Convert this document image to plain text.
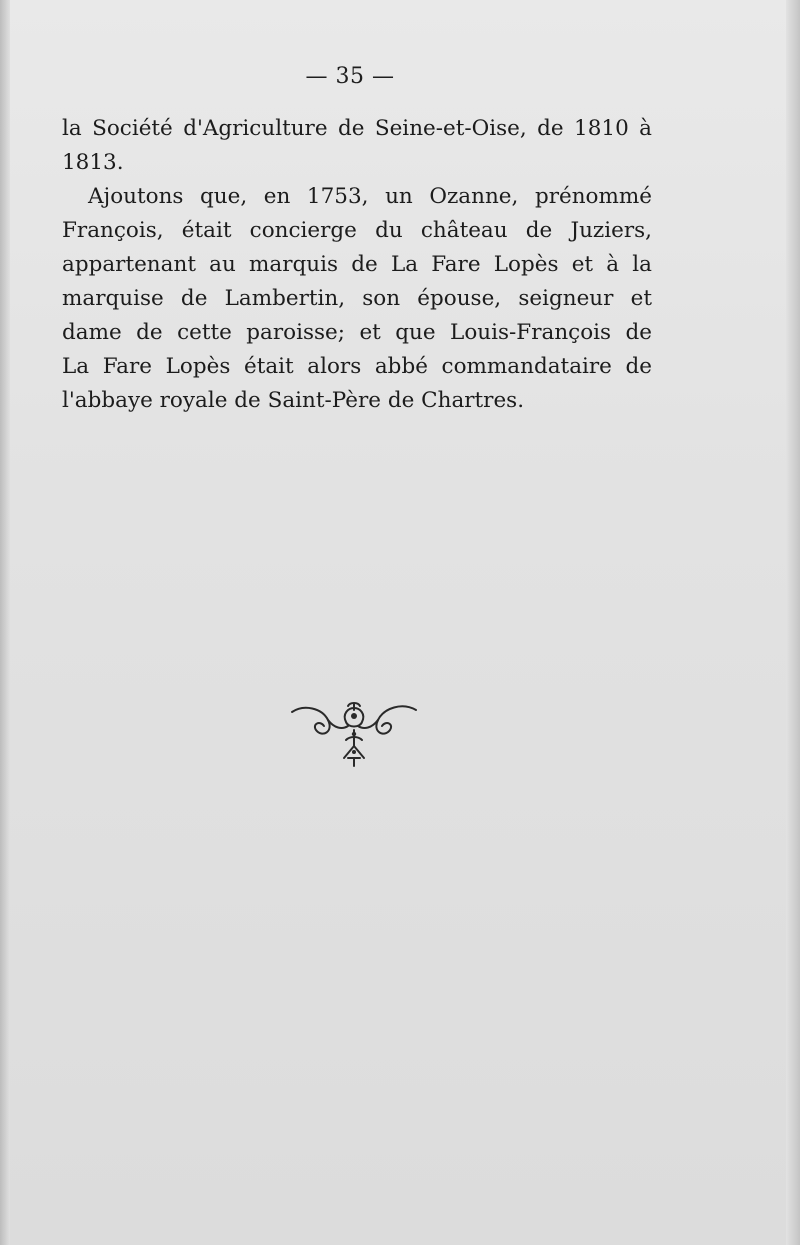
— 35 —

la Société d'Agriculture de Seine-et-Oise, de 1810 à
1813.

Ajoutons que, en 1753, un Ozanne, prénommé
François, était concierge du château de Juziers,
appartenant au marquis de La Fare Lopès et à la
marquise de Lambertin, son épouse, seigneur et
dame de cette paroisse; et que Louis-François de
La Fare Lopès était alors abbé commandataire de
l'abbaye royale de Saint-Père de Chartres.
